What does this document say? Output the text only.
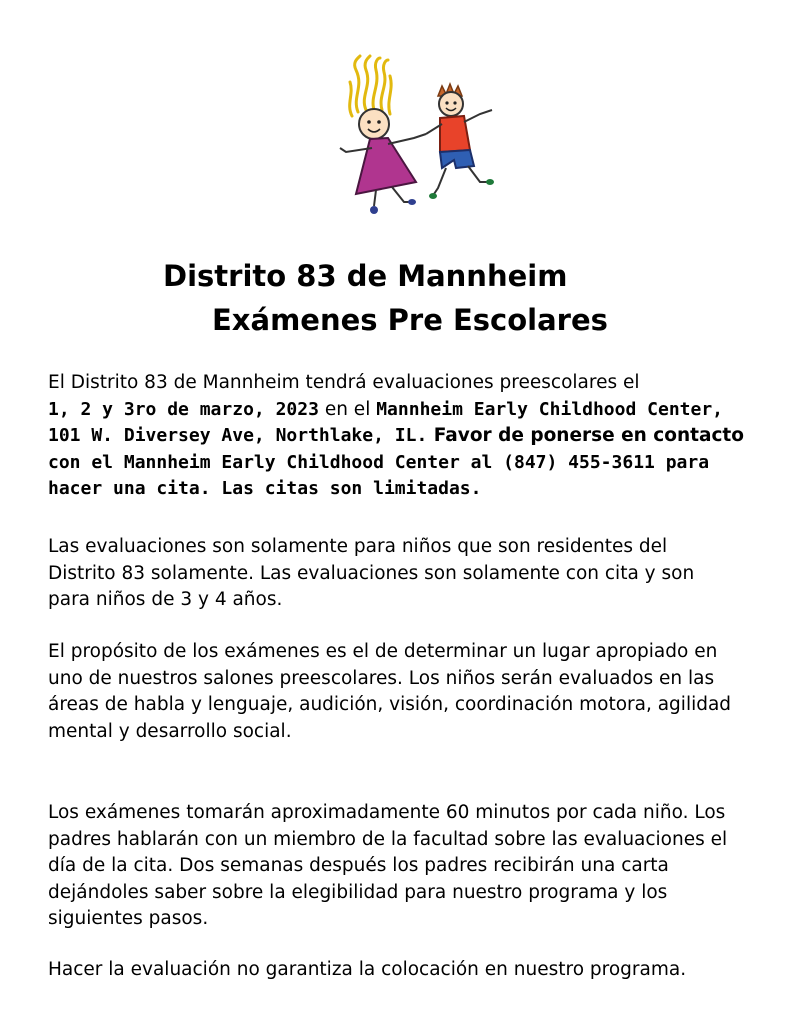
Distrito 83 de Mannheim
Exámenes Pre Escolares
El Distrito 83 de Mannheim tendrá evaluaciones preescolares el
1, 2 y 3ro de marzo, 2023 en el Mannheim Early Childhood Center,
101 W. Diversey Ave, Northlake, IL. Favor de ponerse en contacto
con el Mannheim Early Childhood Center al (847) 455-3611 para
hacer una cita. Las citas son limitadas.
Las evaluaciones son solamente para niños que son residentes del
Distrito 83 solamente. Las evaluaciones son solamente con cita y son
para niños de 3 y 4 años.
El propósito de los exámenes es el de determinar un lugar apropiado en
uno de nuestros salones preescolares. Los niños serán evaluados en las
áreas de habla y lenguaje, audición, visión, coordinación motora, agilidad
mental y desarrollo social.
Los exámenes tomarán aproximadamente 60 minutos por cada niño. Los
padres hablarán con un miembro de la facultad sobre las evaluaciones el
día de la cita. Dos semanas después los padres recibirán una carta
dejándoles saber sobre la elegibilidad para nuestro programa y los
siguientes pasos.
Hacer la evaluación no garantiza la colocación en nuestro programa.
